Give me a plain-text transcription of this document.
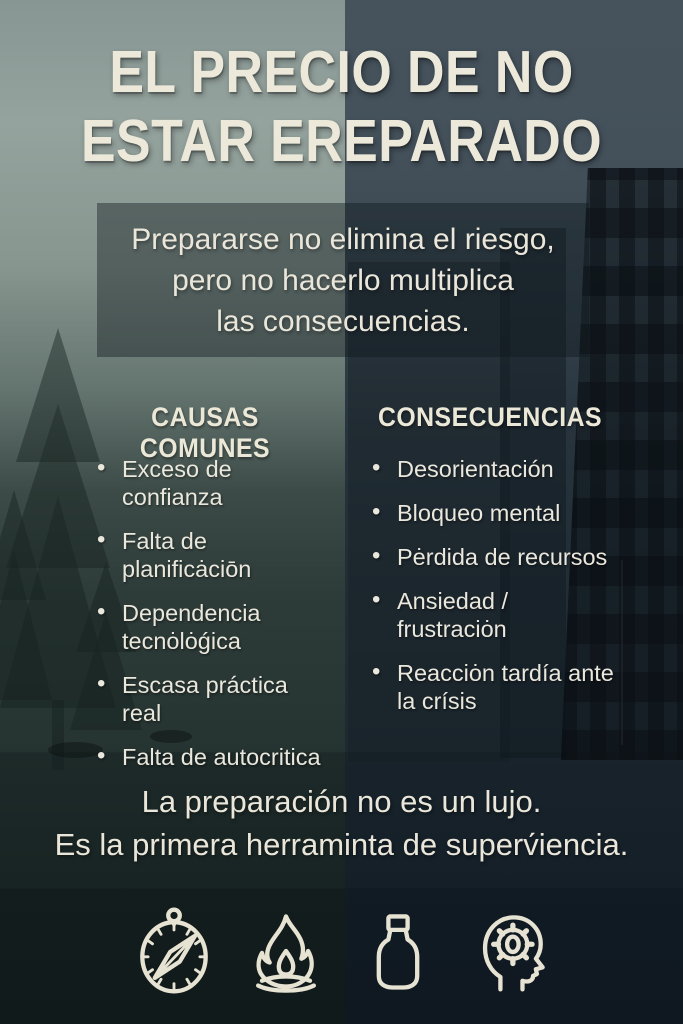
EL PRECIO DE NO
ESTAR EREPARADO
Prepararse no elimina el riesgo,
pero no hacerlo multiplica
las consecuencias.
CAUSAS COMUNES
CONSECUENCIAS
• Exceso de confianza
• Falta de planificȧciōn
• Dependencia tecnȯlȯǵica
• Escasa práctica real
• Falta de autocritica
• Desorientación
• Bloqueo mental
• Pėrdida de recursos
• Ansiedad / frustraciȯn
• Reacciȯn tardía ante la crísis
La preparación no es un lujo.
Es la primera herraminta de superv́iencia.
